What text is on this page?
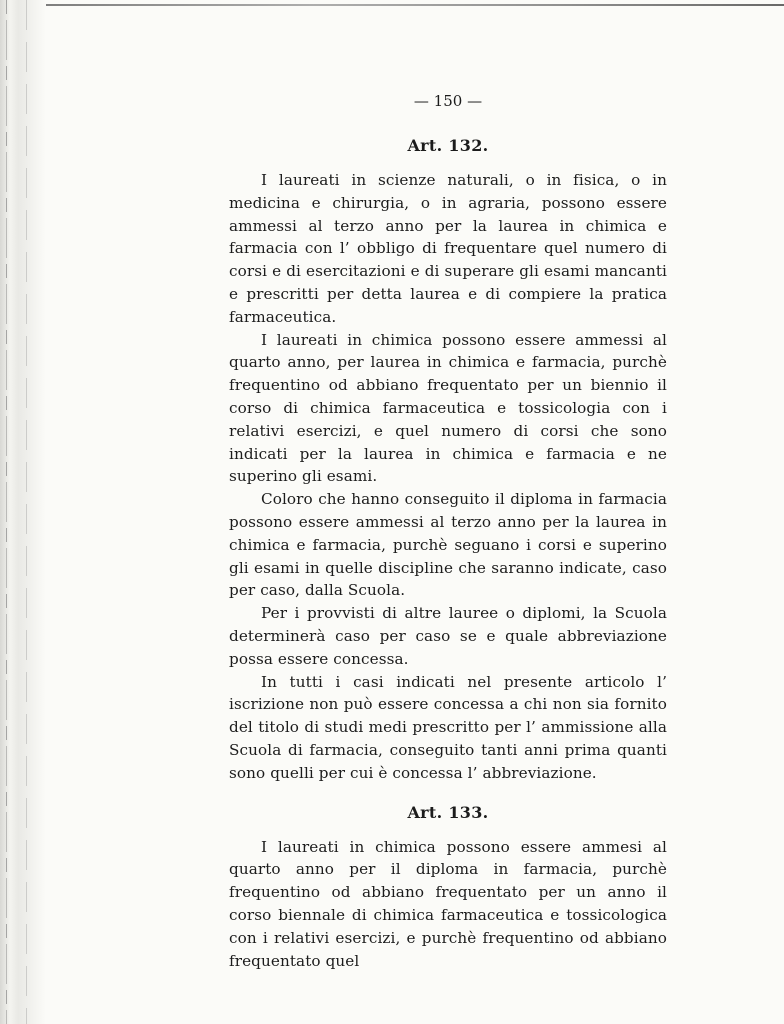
— 150 —

Art. 132.

I laureati in scienze naturali, o in fisica, o in medicina e chirurgia, o in agraria, possono essere ammessi al terzo anno per la laurea in chimica e farmacia con l’ obbligo di frequentare quel numero di corsi e di esercitazioni e di superare gli esami mancanti e prescritti per detta laurea e di compiere la pratica farmaceutica.

I laureati in chimica possono essere ammessi al quarto anno, per laurea in chimica e farmacia, purchè frequentino od abbiano frequentato per un biennio il corso di chimica farmaceutica e tossicologia con i relativi esercizi, e quel numero di corsi che sono indicati per la laurea in chimica e farmacia e ne superino gli esami.

Coloro che hanno conseguito il diploma in farmacia possono essere ammessi al terzo anno per la laurea in chimica e farmacia, purchè seguano i corsi e superino gli esami in quelle discipline che saranno indicate, caso per caso, dalla Scuola.

Per i provvisti di altre lauree o diplomi, la Scuola determinerà caso per caso se e quale abbreviazione possa essere concessa.

In tutti i casi indicati nel presente articolo l’ iscrizione non può essere concessa a chi non sia fornito del titolo di studi medi prescritto per l’ ammissione alla Scuola di farmacia, conseguito tanti anni prima quanti sono quelli per cui è concessa l’ abbreviazione.

Art. 133.

I laureati in chimica possono essere ammesi al quarto anno per il diploma in farmacia, purchè frequentino od abbiano frequentato per un anno il corso biennale di chimica farmaceutica e tossicologica con i relativi esercizi, e purchè frequentino od abbiano frequentato quel
